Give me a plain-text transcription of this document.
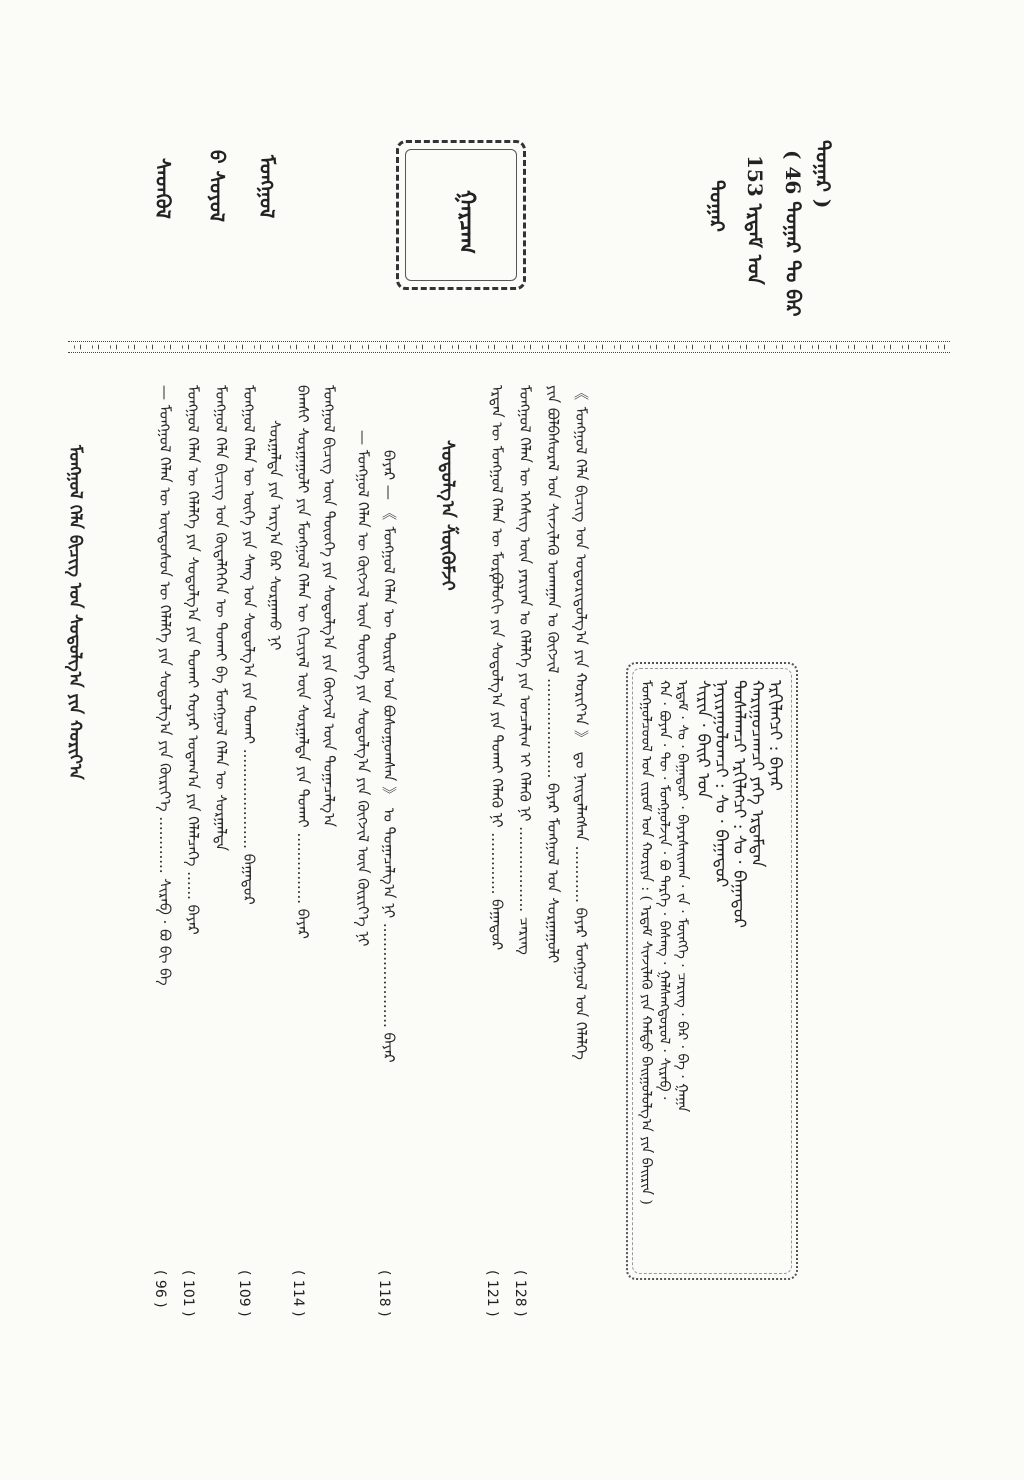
ᠳᠤᠭᠠᠷ )
( 46 ᠳᠤᠭᠠᠷ ᠲᠤ ᠪᠠᠷ
153 ᠡᠷᠳᠡᠮ ᠤᠨ
ᠳᠤᠭᠠᠷ
ᠭᠠᠷᠴᠠᠭ
ᠮᠣᠩᠭᠣᠯ
ᠪ ᠰᠣᠶᠣᠯ
ᠰᠡᠳᠭᠦᠯ
ᠡᠷᠬᠢᠯᠡᠭᠴᠢ : ᠪᠠᠶᠠᠷ
ᠬᠠᠷᠢᠭᠤᠴᠠᠭᠴᠢ ᠶᠡᠬᠡ ᠡᠷᠳᠡᠮᠲᠡᠨ
ᠲᠤᠰᠠᠯᠠᠭᠴᠢ ᠡᠷᠬᠢᠯᠡᠭᠴᠢ : ᠰᠤ · ᠪᠠᠭᠠᠲᠤᠷ
ᠨᠠᠶᠢᠷᠠᠭᠤᠯᠤᠭᠴᠢ : ᠰᠤ · ᠪᠠᠭᠠᠲᠤᠷ
ᠰᠢᠷᠢᠨ · ᠪᠠᠢᠷ ᠤᠨ
ᠡᠷᠳᠡᠮ · ᠰᠤ · ᠪᠠᠭᠠᠲᠤᠷ · ᠪᠠᠶᠠᠷᠰᠠᠢᠬᠠᠨ · ᠵᠠ · ᠮᠥᠩᠬᠡ · ᠴᠡᠷᠢᠩ · ᠪᠠᠷ · ᠪᠠ · ᠭᠠᠭᠠ
ᠬᠠ · ᠪᠤᠶᠠᠨ · ᠲᠦ · ᠮᠣᠩᠭᠣᠯᠵᠢᠨ · ᠪᠣ ᠲᠡᠷᠭᠡ · ᠪᠠᠰᠠᠩ · ᠭᠠᠯᠰᠠᠩᠲᠦᠷᠦᠯ · ᠰᠢᠷᠠᠪ ·
ᠮᠣᠩᠭᠣᠯᠴᠤᠤᠯ ᠤᠨ ᠵᠢᠷᠤᠮ ᠤᠨ ᠬᠣᠷᠢᠶᠠ : ( ᠡᠷᠳᠡᠮ ᠰᠢᠨᠵᠢᠯᠡᠬᠦ ᠶᠢᠨ ᠬᠠᠮᠲᠤ ᠪᠠᠢᠭᠤᠯᠤᠯᠭ᠎ᠠ ᠶᠢᠨ ᠪᠠᠢᠷᠢᠨ )
《 ᠮᠣᠩᠭᠣᠯ ᠬᠡᠯᠡ ᠪᠢᠴᠢᠭ ᠤᠨ ᠤᠳᠤᠷᠢᠳᠤᠯᠭ᠎ᠠ ᠶᠢᠨ ᠬᠣᠷᠢᠶ᠎ᠠ 》 ᠳᠤ ᠨᠡᠢᠲᠡᠯᠡᠭᠰᠡᠨ ............ ᠪᠠᠶᠠᠷ ᠮᠣᠩᠭᠣᠯ ᠤᠨ ᠬᠡᠯᠡᠯᠭᠡ
ᠶᠢᠨ ᠪᠣᠯᠪᠠᠰᠤᠷᠠᠯ ᠤᠨ ᠰᠢᠨᠵᠢᠯᠡᠬᠦ ᠤᠬᠠᠭᠠᠨ ᠤ ᠬᠥᠭᠵᠢᠯ ..................... ᠪᠠᠶᠠᠷ ᠮᠣᠩᠭᠣᠯ ᠤᠨ ᠰᠤᠷᠭᠠᠭᠤᠯᠢ
ᠮᠣᠩᠭᠣᠯ ᠬᠡᠯᠡᠨ ᠦ ᠡᠭᠡᠰᠢᠭ ᠦᠨ ᠶᠠᠷᠢᠶᠠᠨ ᠤ ᠬᠡᠯᠡᠯᠭᠡ ᠶᠢᠨ ᠣᠨᠴᠠᠯᠢᠭ ᠢ ᠬᠡᠯᠡᠬᠦ ᠨᠢ .................. ᠴᠡᠷᠢᠩ
ᠡᠷᠲᠡᠨ ᠦ ᠮᠣᠩᠭᠣᠯ ᠬᠡᠯᠡᠨ ᠦ ᠮᠣᠷᠹᠣᠯᠣᠭᠢ ᠶᠢᠨ ᠰᠤᠳᠤᠯᠭ᠎ᠠ ᠶᠢᠨ ᠲᠤᠬᠠᠢ ᠬᠡᠯᠡᠬᠦ ᠨᠢ ............. ᠪᠠᠭᠠᠲᠤᠷ
( 128 )
( 121 )
ᠰᠤᠳᠤᠯᠭ᠎ᠠ ᠱᠦᠭᠦᠮᠵᠢ
ᠪᠠᠶᠠᠷ — 《 ᠮᠣᠩᠭᠣᠯ ᠬᠡᠯᠡᠨ ᠦ ᠳᠦᠷᠢᠮ ᠤᠨ ᠪᠤᠰᠤᠭᠤᠭᠰᠠᠨ 》 ᠤ ᠲᠣᠭᠠᠴᠠᠯᠭ᠎ᠠ ᠨᠢ ...................... ᠪᠠᠶᠠᠷ
— ᠮᠣᠩᠭᠣᠯ ᠬᠡᠯᠡᠨ ᠦ ᠬᠥᠭᠵᠢᠯ ᠦᠨ ᠲᠦᠦᠬᠡ ᠶᠢᠨ ᠰᠤᠳᠤᠯᠭ᠎ᠠ ᠶᠢᠨ ᠬᠥᠭᠵᠢᠯ ᠦᠨ ᠬᠦᠷᠢᠶ᠎ᠡ ᠨᠢ
( 118 )
ᠮᠣᠩᠭᠣᠯ ᠪᠢᠴᠢᠭ ᠦᠨ ᠲᠦᠦᠬᠡ ᠶᠢᠨ ᠰᠤᠳᠤᠯᠭ᠎ᠠ ᠶᠢᠨ ᠬᠥᠭᠵᠢᠯ ᠦᠨ ᠲᠣᠭᠠᠴᠠᠯᠭ᠎ᠠ
ᠪᠠᠭᠰᠢ ᠰᠤᠷᠭᠠᠭᠤᠯᠢ ᠶᠢᠨ ᠮᠣᠩᠭᠣᠯ ᠬᠡᠯᠡᠨ ᠦ ᠬᠢᠴᠢᠶᠡᠯ ᠦᠨ ᠰᠤᠷᠭᠠᠯᠲᠠ ᠶᠢᠨ ᠲᠤᠬᠠᠢ ............... ᠪᠠᠶᠠᠷ
ᠰᠤᠷᠭᠠᠯᠲᠠ ᠶᠢᠨ ᠠᠷᠭ᠎ᠠ ᠪᠠᠷ ᠰᠤᠷᠭᠠᠬᠤ ᠨᠢ
( 114 )
ᠮᠣᠩᠭᠣᠯ ᠬᠡᠯᠡᠨ ᠦ ᠦᠭᠡ ᠶᠢᠨ ᠰᠠᠩ ᠤᠨ ᠰᠤᠳᠤᠯᠭ᠎ᠠ ᠶᠢᠨ ᠲᠤᠬᠠᠢ ..................... ᠪᠠᠭᠠᠲᠤᠷ
( 109 )
ᠮᠣᠩᠭᠣᠯ ᠬᠡᠯᠡ ᠪᠢᠴᠢᠭ ᠤᠨ ᠬᠥᠳᠡᠯᠭᠡᠭᠡᠨ ᠦ ᠲᠤᠬᠠᠢ ᠪᠠ ᠮᠣᠩᠭᠣᠯ ᠬᠡᠯᠡᠨ ᠦ ᠰᠤᠷᠭᠠᠯᠲᠠ
ᠮᠣᠩᠭᠣᠯ ᠬᠡᠯᠡᠨ ᠦ ᠬᠡᠯᠡᠯᠭᠡ ᠶᠢᠨ ᠰᠤᠳᠤᠯᠭ᠎ᠠ ᠶᠢᠨ ᠲᠤᠬᠠᠢ ᠬᠣᠶᠠᠷ ᠤᠳᠠᠭ᠎ᠠ ᠶᠢᠨ ᠬᠡᠯᠡᠯᠴᠡᠭᠡ ...... ᠪᠠᠶᠠᠷ
( 101 )
— ᠮᠣᠩᠭᠣᠯ ᠬᠡᠯᠡᠨ ᠦ ᠦᠨᠳᠦᠰᠦᠨ ᠦ ᠬᠡᠯᠡᠯᠭᠡ ᠶᠢᠨ ᠰᠤᠳᠤᠯᠭ᠎ᠠ ᠶᠢᠨ ᠬᠦᠷᠢᠶ᠎ᠡ ............ ᠰᠢᠷᠠᠪ · ᠪᠤ ᠪᠢ ᠪᠠ
( 96 )
ᠮᠣᠩᠭᠣᠯ ᠬᠡᠯᠡ ᠪᠢᠴᠢᠭ ᠤᠨ ᠰᠤᠳᠤᠯᠭ᠎ᠠ ᠶᠢᠨ ᠬᠣᠷᠢᠶ᠎ᠠ
